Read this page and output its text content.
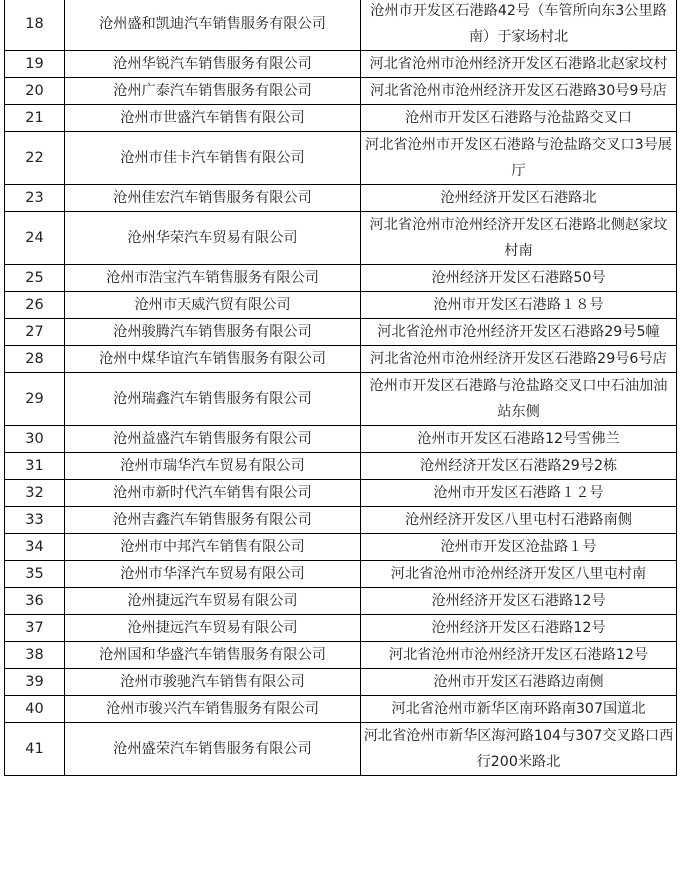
18	沧州盛和凯迪汽车销售服务有限公司	沧州市开发区石港路42号（车管所向东3公里路南）于家场村北
19	沧州华锐汽车销售服务有限公司	河北省沧州市沧州经济开发区石港路北赵家坟村
20	沧州广泰汽车销售服务有限公司	河北省沧州市沧州经济开发区石港路30号9号店
21	沧州市世盛汽车销售有限公司	沧州市开发区石港路与沧盐路交叉口
22	沧州市佳卡汽车销售有限公司	河北省沧州市开发区石港路与沧盐路交叉口3号展厅
23	沧州佳宏汽车销售服务有限公司	沧州经济开发区石港路北
24	沧州华荣汽车贸易有限公司	河北省沧州市沧州经济开发区石港路北侧赵家坟村南
25	沧州市浩宝汽车销售服务有限公司	沧州经济开发区石港路50号
26	沧州市天威汽贸有限公司	沧州市开发区石港路１８号
27	沧州骏腾汽车销售服务有限公司	河北省沧州市沧州经济开发区石港路29号5幢
28	沧州中煤华谊汽车销售服务有限公司	河北省沧州市沧州经济开发区石港路29号6号店
29	沧州瑞鑫汽车销售服务有限公司	沧州市开发区石港路与沧盐路交叉口中石油加油站东侧
30	沧州益盛汽车销售服务有限公司	沧州市开发区石港路12号雪佛兰
31	沧州市瑞华汽车贸易有限公司	沧州经济开发区石港路29号2栋
32	沧州市新时代汽车销售有限公司	沧州市开发区石港路１２号
33	沧州吉鑫汽车销售服务有限公司	沧州经济开发区八里屯村石港路南侧
34	沧州市中邦汽车销售有限公司	沧州市开发区沧盐路１号
35	沧州市华泽汽车贸易有限公司	河北省沧州市沧州经济开发区八里屯村南
36	沧州捷远汽车贸易有限公司	沧州经济开发区石港路12号
37	沧州捷远汽车贸易有限公司	沧州经济开发区石港路12号
38	沧州国和华盛汽车销售服务有限公司	河北省沧州市沧州经济开发区石港路12号
39	沧州市骏驰汽车销售有限公司	沧州市开发区石港路边南侧
40	沧州市骏兴汽车销售服务有限公司	河北省沧州市新华区南环路南307国道北
41	沧州盛荣汽车销售服务有限公司	河北省沧州市新华区海河路104与307交叉路口西行200米路北
